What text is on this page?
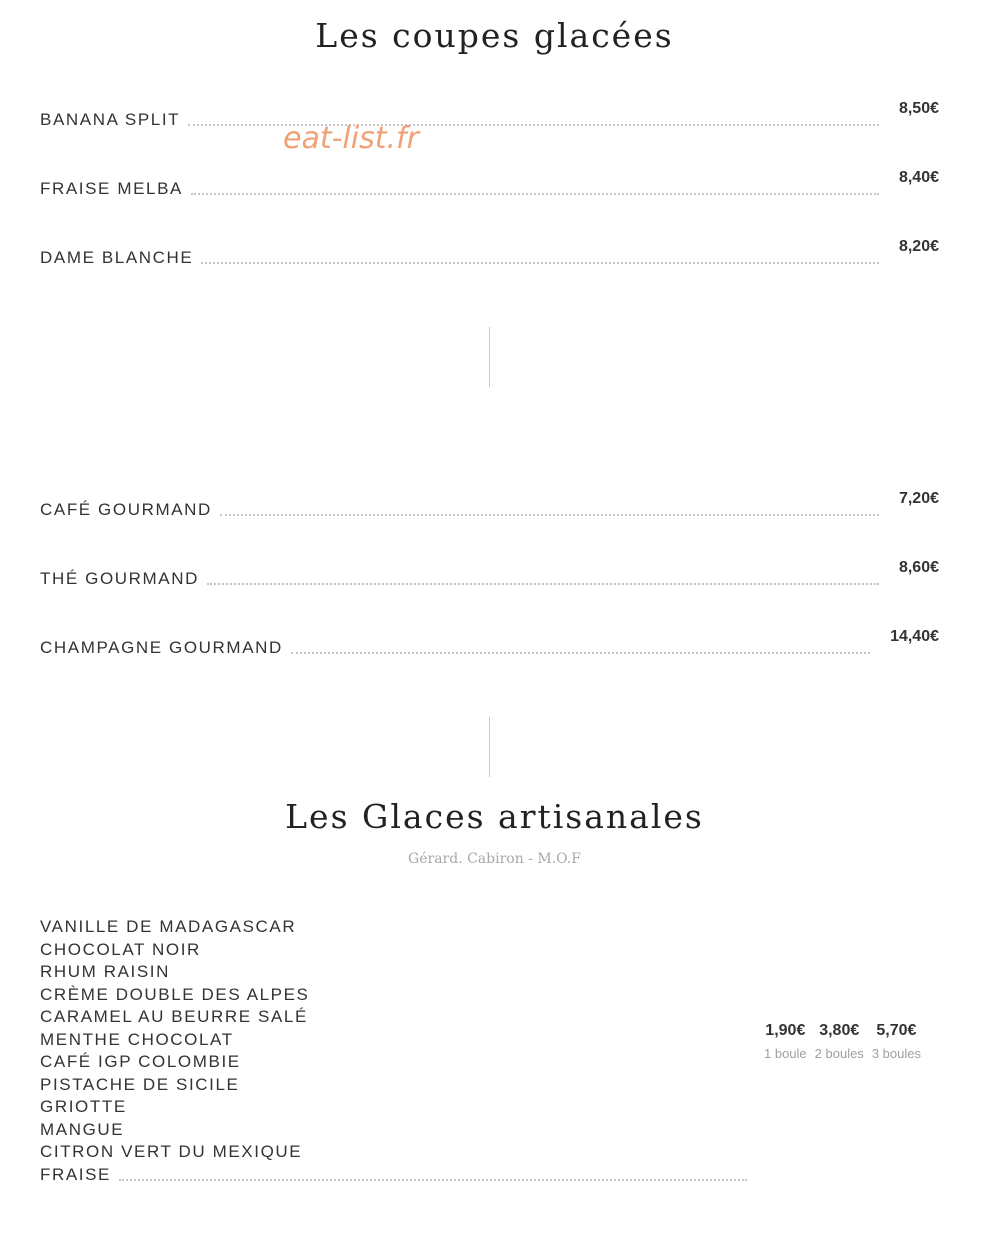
Les coupes glacées
BANANA SPLIT
8,50€
FRAISE MELBA
8,40€
DAME BLANCHE
8,20€
eat-list.fr
CAFÉ GOURMAND
7,20€
THÉ GOURMAND
8,60€
CHAMPAGNE GOURMAND
14,40€
Les Glaces artisanales
Gérard. Cabiron - M.O.F
VANILLE DE MADAGASCAR
CHOCOLAT NOIR
RHUM RAISIN
CRÈME DOUBLE DES ALPES
CARAMEL AU BEURRE SALÉ
MENTHE CHOCOLAT
CAFÉ IGP COLOMBIE
PISTACHE DE SICILE
GRIOTTE
MANGUE
CITRON VERT DU MEXIQUE
FRAISE
1,90€
1 boule
3,80€
2 boules
5,70€
3 boules
